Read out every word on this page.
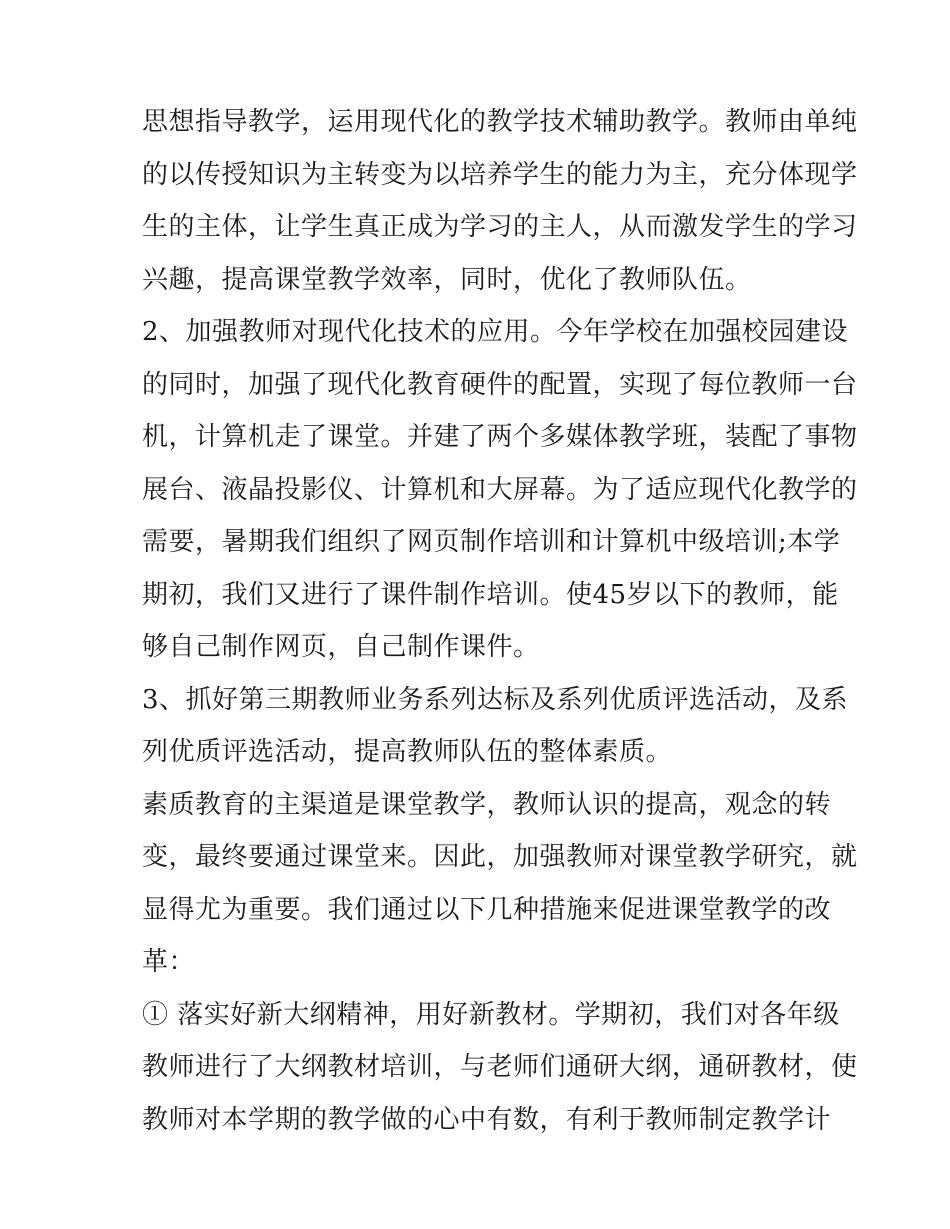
思想指导教学，运用现代化的教学技术辅助教学。教师由单纯
的以传授知识为主转变为以培养学生的能力为主，充分体现学
生的主体，让学生真正成为学习的主人，从而激发学生的学习
兴趣，提高课堂教学效率，同时，优化了教师队伍。
2、加强教师对现代化技术的应用。今年学校在加强校园建设
的同时，加强了现代化教育硬件的配置，实现了每位教师一台
机，计算机走了课堂。并建了两个多媒体教学班，装配了事物
展台、液晶投影仪、计算机和大屏幕。为了适应现代化教学的
需要，暑期我们组织了网页制作培训和计算机中级培训;本学
期初，我们又进行了课件制作培训。使45岁以下的教师，能
够自己制作网页，自己制作课件。
3、抓好第三期教师业务系列达标及系列优质评选活动，及系
列优质评选活动，提高教师队伍的整体素质。
素质教育的主渠道是课堂教学，教师认识的提高，观念的转
变，最终要通过课堂来。因此，加强教师对课堂教学研究，就
显得尤为重要。我们通过以下几种措施来促进课堂教学的改
革：
① 落实好新大纲精神，用好新教材。学期初，我们对各年级
教师进行了大纲教材培训，与老师们通研大纲，通研教材，使
教师对本学期的教学做的心中有数，有利于教师制定教学计
